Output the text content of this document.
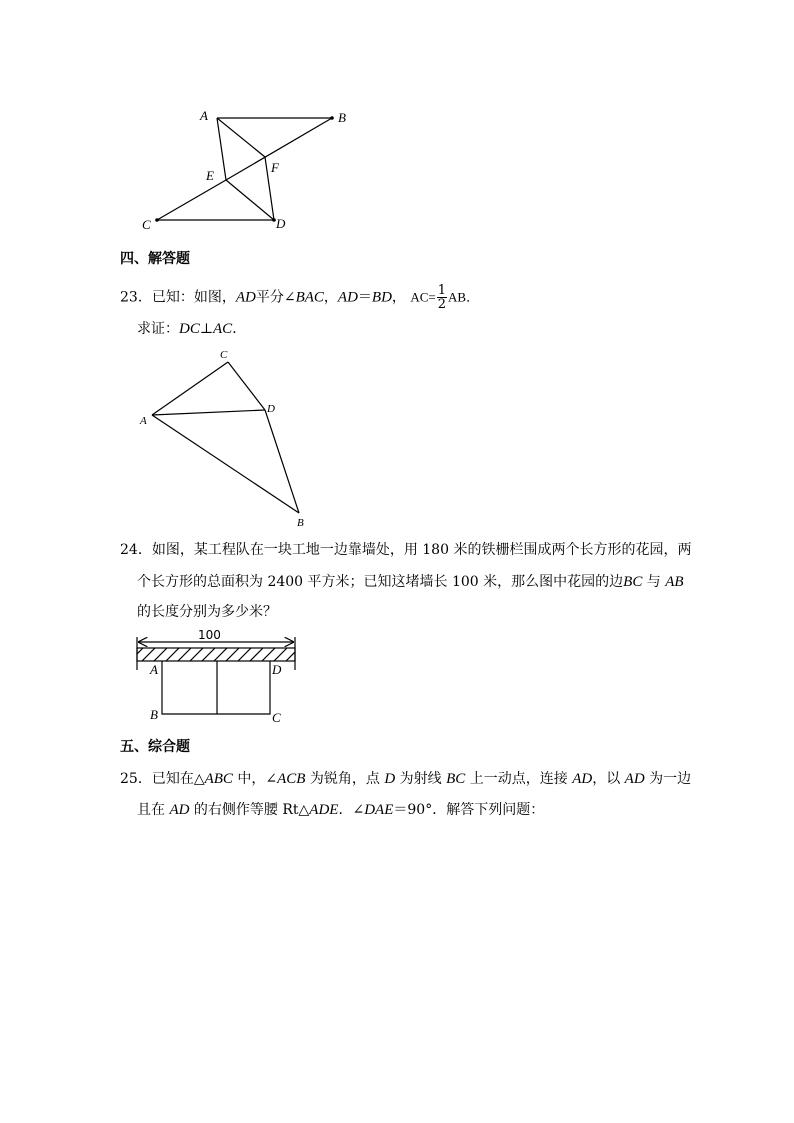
A	B
C	D
E
F
四、解答题
23．已知：如图，AD平分∠BAC，AD＝BD， $AC= \frac{1}{2}$ AB．
求证：DC⊥AC．
C
D
A
B
24．如图，某工程队在一块工地一边靠墙处，用 180 米的铁栅栏围成两个长方形的花园，两
个长方形的总面积为 2400 平方米；已知这堵墙长 100 米，那么图中花园的边BC 与 AB
的长度分别为多少米？
100
A	D
B	C
五、综合题
25．已知在△ABC 中，∠ACB 为锐角，点 D 为射线 BC 上一动点，连接 AD，以 AD 为一边
且在 AD 的右侧作等腰 Rt△ADE．∠DAE＝90°．解答下列问题：
